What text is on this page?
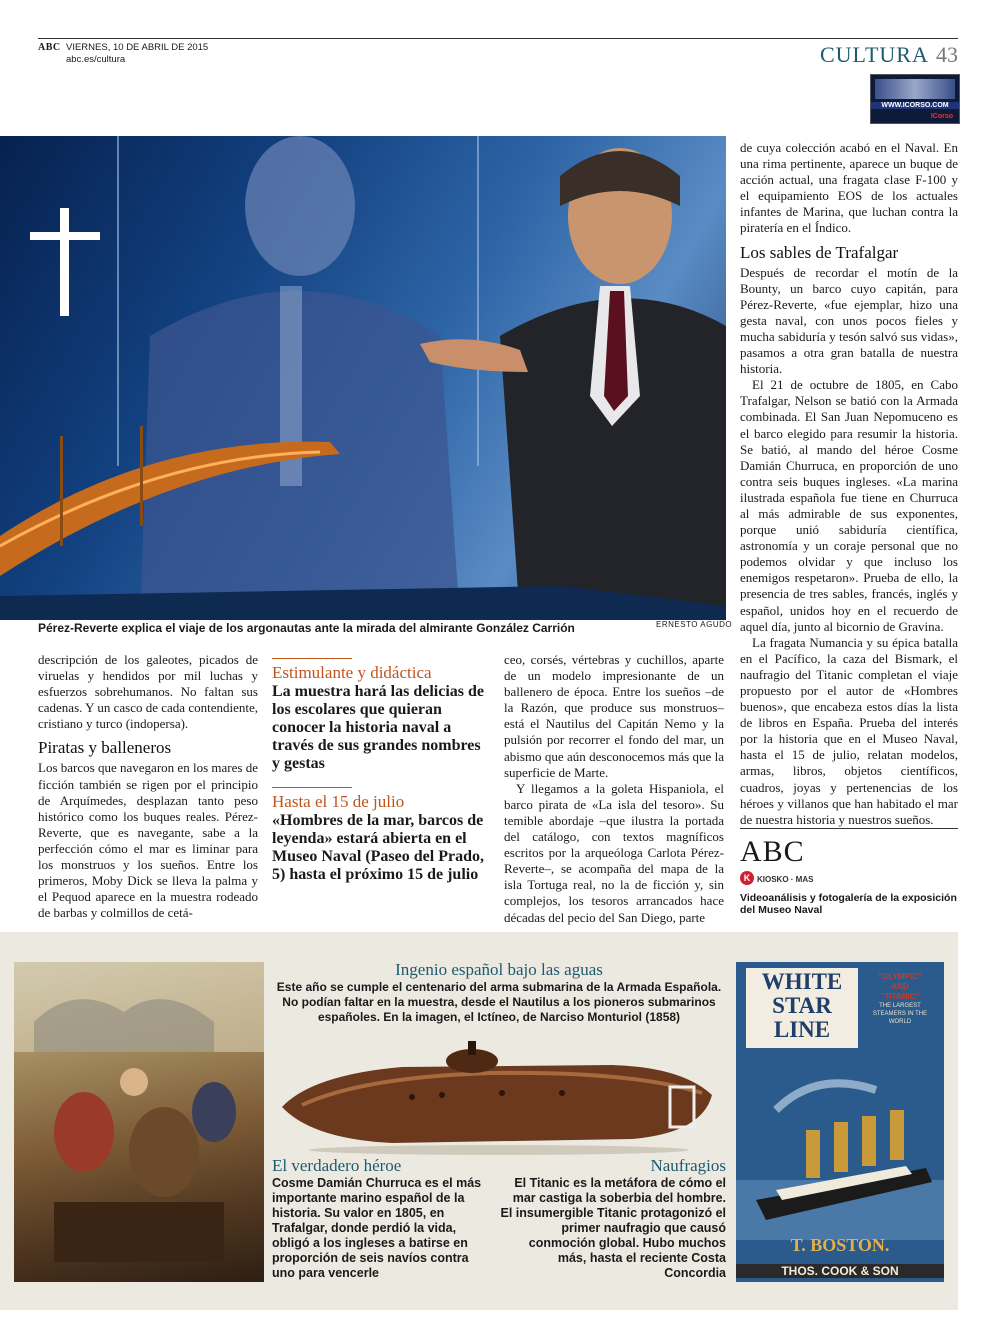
ABC VIERNES, 10 DE ABRIL DE 2015
abc.es/cultura	CULTURA 43
WWW.ICORSO.COM
ICorso
Pérez-Reverte explica el viaje de los argonautas ante la mirada del almirante González Carrión	ERNESTO AGUDO

descripción de los galeotes, picados de viruelas y hendidos por mil luchas y esfuerzos sobrehumanos. No faltan sus cadenas. Y un casco de cada contendiente, cristiano y turco (indopersa).

Piratas y balleneros

Los barcos que navegaron en los mares de ficción también se rigen por el principio de Arquímedes, desplazan tanto peso histórico como los buques reales. Pérez-Reverte, que es navegante, sabe a la perfección cómo el mar es liminar para los monstruos y los sueños. Entre los primeros, Moby Dick se lleva la palma y el Pequod aparece en la muestra rodeado de barbas y colmillos de cetá-

Estimulante y didáctica
La muestra hará las delicias de los escolares que quieran conocer la historia naval a través de sus grandes nombres y gestas
Hasta el 15 de julio
«Hombres de la mar, barcos de leyenda» estará abierta en el Museo Naval (Paseo del Prado, 5) hasta el próximo 15 de julio

ceo, corsés, vértebras y cuchillos, aparte de un modelo impresionante de un ballenero de época. Entre los sueños –de la Razón, que produce sus monstruos– está el Nautilus del Capitán Nemo y la pulsión por recorrer el fondo del mar, un abismo que aún desconocemos más que la superficie de Marte.

Y llegamos a la goleta Hispaniola, el barco pirata de «La isla del tesoro». Su temible abordaje –que ilustra la portada del catálogo, con textos magníficos escritos por la arqueóloga Carlota Pérez-Reverte–, se acompaña del mapa de la isla Tortuga real, no la de ficción y, sin complejos, los tesoros arrancados hace décadas del pecio del San Diego, parte

de cuya colección acabó en el Naval. En una rima pertinente, aparece un buque de acción actual, una fragata clase F-100 y el equipamiento EOS de los actuales infantes de Marina, que luchan contra la piratería en el Índico.

Los sables de Trafalgar

Después de recordar el motín de la Bounty, un barco cuyo capitán, para Pérez-Reverte, «fue ejemplar, hizo una gesta naval, con unos pocos fieles y mucha sabiduría y tesón salvó sus vidas», pasamos a otra gran batalla de nuestra historia.

El 21 de octubre de 1805, en Cabo Trafalgar, Nelson se batió con la Armada combinada. El San Juan Nepomuceno es el barco elegido para resumir la historia. Se batió, al mando del héroe Cosme Damián Churruca, en proporción de uno contra seis buques ingleses. «La marina ilustrada española fue tiene en Churruca al más admirable de sus exponentes, porque unió sabiduría científica, astronomía y un coraje personal que no podemos olvidar y que incluso los enemigos respetaron». Prueba de ello, la presencia de tres sables, francés, inglés y español, unidos hoy en el recuerdo de aquel día, junto al bicornio de Gravina.

La fragata Numancia y su épica batalla en el Pacífico, la caza del Bismark, el naufragio del Titanic completan el viaje propuesto por el autor de «Hombres buenos», que encabeza estos días la lista de libros en España. Prueba del interés por la historia que en el Museo Naval, hasta el 15 de julio, relatan modelos, armas, libros, objetos científicos, cuadros, joyas y pertenencias de los héroes y villanos que han habitado el mar de nuestra historia y nuestros sueños.

ABC
K KIOSKO · MAS
Videoanálisis y fotogalería de la exposición del Museo Naval
Ingenio español bajo las aguas
Este año se cumple el centenario del arma submarina de la Armada Española. No podían faltar en la muestra, desde el Nautilus a los pioneros submarinos españoles. En la imagen, el Ictíneo, de Narciso Monturiol (1858)
El verdadero héroe
Cosme Damián Churruca es el más importante marino español de la historia. Su valor en 1805, en Trafalgar, donde perdió la vida, obligó a los ingleses a batirse en proporción de seis navíos contra uno para vencerle
Naufragios
El Titanic es la metáfora de cómo el mar castiga la soberbia del hombre. El insumergible Titanic protagonizó el primer naufragio que causó conmoción global. Hubo muchos más, hasta el reciente Costa Concordia
WHITE
STAR
LINE
"OLYMPIC"
AND
"TITANIC"
THE LARGEST STEAMERS IN THE WORLD
T. BOSTON.
THOS. COOK & SON
